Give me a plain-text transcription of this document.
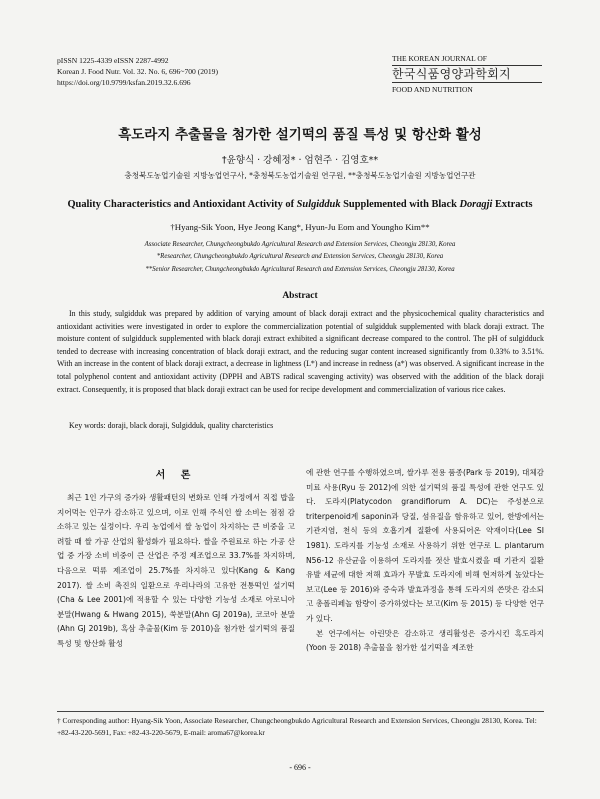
pISSN 1225-4339 eISSN 2287-4992
Korean J. Food Nutr. Vol. 32. No. 6, 696~700 (2019)
https://doi.org/10.9799/ksfan.2019.32.6.696
THE KOREAN JOURNAL OF
한국식품영양과학회지
FOOD AND NUTRITION
흑도라지 추출물을 첨가한 설기떡의 품질 특성 및 항산화 활성
†윤향식 · 강혜정* · 엄현주 · 김영호**
충청북도농업기술원 지방농업연구사, *충청북도농업기술원 연구원, **충청북도농업기술원 지방농업연구관
Quality Characteristics and Antioxidant Activity of Sulgidduk Supplemented with Black Doragji Extracts
†Hyang-Sik Yoon, Hye Jeong Kang*, Hyun-Ju Eom and Youngho Kim**
Associate Researcher, Chungcheongbukdo Agricultural Research and Extension Services, Cheongju 28130, Korea
*Researcher, Chungcheongbukdo Agricultural Research and Extension Services, Cheongju 28130, Korea
**Senior Researcher, Chungcheongbukdo Agricultural Research and Extension Services, Cheongju 28130, Korea
Abstract
In this study, sulgidduk was prepared by addition of varying amount of black doraji extract and the physicochemical quality characteristics and antioxidant activities were investigated in order to explore the commercialization potential of sulgidduk supplemented with black doraji extract. The moisture content of sulgidduck supplemented with black doraji extract exhibited a significant decrease compared to the control. The pH of sulgidduck tended to decrease with increasing concentration of black doraji extract, and the reducing sugar content increased significantly from 0.33% to 3.51%. With an increase in the content of black doraji extract, a decrease in lightness (L*) and increase in redness (a*) was observed. A significant increase in the total polyphenol content and antioxidant activity (DPPH and ABTS radical scavenging activity) was observed with the addition of the black doraji extract. Consequently, it is proposed that black doraji extract can be used for recipe development and commercialization of various rice cakes.
Key words: doraji, black doraji, Sulgidduk, quality charcteristics
서 론
최근 1인 가구의 증가와 생활패턴의 변화로 인해 가정에서 직접 밥을 지어먹는 인구가 감소하고 있으며, 이로 인해 주식인 쌀 소비는 점점 감소하고 있는 실정이다. 우리 농업에서 쌀 농업이 차지하는 큰 비중을 고려할 때 쌀 가공 산업의 활성화가 필요하다. 쌀을 주원료로 하는 가공 산업 중 가장 소비 비중이 큰 산업은 주정 제조업으로 33.7%를 차지하며, 다음으로 떡류 제조업이 25.7%를 차지하고 있다(Kang & Kang 2017). 쌀 소비 촉진의 일환으로 우리나라의 고유한 전통떡인 설기떡(Cha & Lee 2001)에 적용할 수 있는 다양한 기능성 소재로 아로니아 분말(Hwang & Hwang 2015), 쑥분말(Ahn GJ 2019a), 코코아 분말(Ahn GJ 2019b), 흑삼 추출물(Kim 등 2010)을 첨가한 설기떡의 품질 특성 및 항산화 활성

에 관한 연구를 수행하였으며, 쌀가루 전용 품종(Park 등 2019), 대체감미료 사용(Ryu 등 2012)에 의한 설기떡의 품질 특성에 관한 연구도 있다. 도라지(Platycodon grandiflorum A. DC)는 주성분으로 triterpenoid계 saponin과 당질, 섬유질을 함유하고 있어, 한방에서는 기관지염, 천식 등의 호흡기계 질환에 사용되어온 약재이다(Lee SI 1981). 도라지를 기능성 소재로 사용하기 위한 연구로 L. plantarum N56-12 유산균을 이용하여 도라지를 젓산 발효시켰을 때 기관지 질환 유발 세균에 대한 저해 효과가 무발효 도라지에 비해 현저하게 높았다는 보고(Lee 등 2016)와 증숙과 발효과정을 통해 도라지의 쓴맛은 감소되고 총폴리페놀 함량이 증가하였다는 보고(Kim 등 2015) 등 다양한 연구가 있다.

본 연구에서는 아린맛은 감소하고 생리활성은 증가시킨 흑도라지(Yoon 등 2018) 추출물을 첨가한 설기떡을 제조한

† Corresponding author: Hyang-Sik Yoon, Associate Researcher, Chungcheongbukdo Agricultural Research and Extension Services, Cheongju 28130, Korea. Tel: +82-43-220-5691, Fax: +82-43-220-5679, E-mail: aroma67@korea.kr
- 696 -
